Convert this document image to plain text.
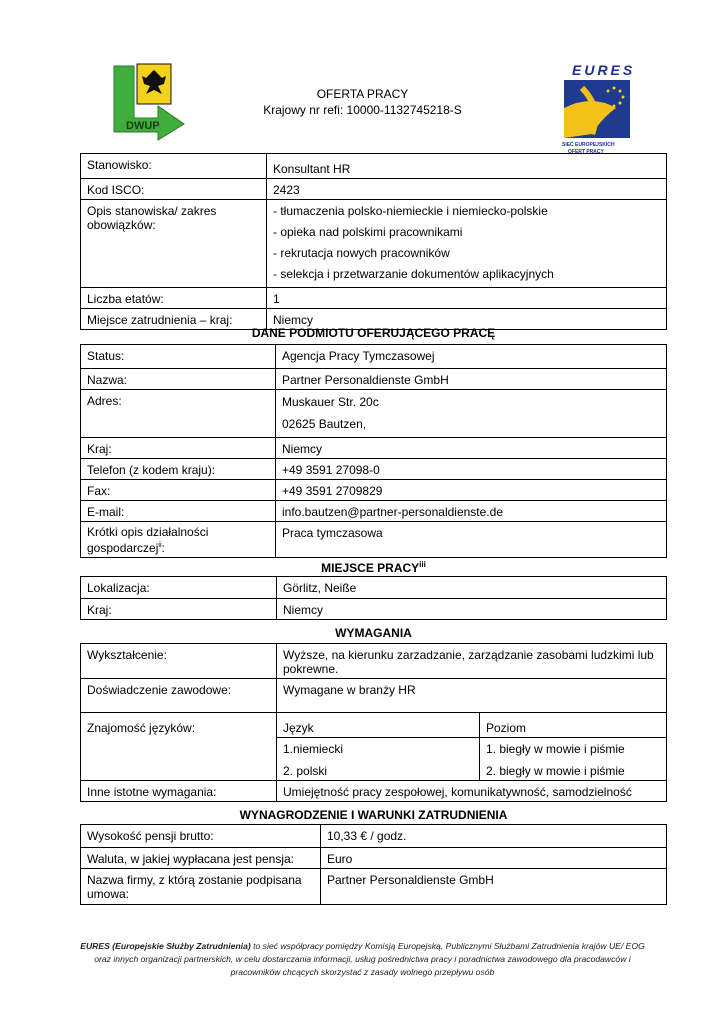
DWUP
EURES
SIEĆ EUROPEJSKICH
OFERT PRACY
OFERTA PRACY
Krajowy nr refi: 10000-1132745218-S
Stanowisko:	Konsultant HR
Kod ISCO:	2423
Opis stanowiska/ zakres obowiązków:	- tłumaczenia polsko-niemieckie i niemiecko-polskie
- opieka nad polskimi pracownikami
- rekrutacja nowych pracowników
- selekcja i przetwarzanie dokumentów aplikacyjnych

Liczba etatów:	1
Miejsce zatrudnienia – kraj:	Niemcy
DANE PODMIOTU OFERUJĄCEGO PRACĘ
Status:	Agencja Pracy Tymczasowej
Nazwa:	Partner Personaldienste GmbH
Adres:	Muskauer Str. 20c
02625 Bautzen,

Kraj:	Niemcy
Telefon (z kodem kraju):	+49 3591 27098-0
Fax:	+49 3591 2709829
E-mail:	info.bautzen@partner-personaldienste.de

Krótki opis działalności
gospodarczej$^{ii}$:	Praca tymczasowa
MIEJSCE PRACY$^{iii}$
Lokalizacja:	Görlitz, Neiße
Kraj:	Niemcy
WYMAGANIA
Wykształcenie:	Wyższe, na kierunku zarzadzanie, zarządzanie zasobami ludzkimi lub pokrewne.	
Doświadczenie zawodowe:	Wymagane w branży HR	
Znajomość języków:	Język	Poziom
	1.niemiecki	1. biegły w mowie i piśmie
	2. polski	2. biegły w mowie i piśmie
Inne istotne wymagania:	Umiejętność pracy zespołowej, komunikatywność, samodzielność	
WYNAGRODZENIE I WARUNKI ZATRUDNIENIA
Wysokość pensji brutto:	10,33 € / godz.
Waluta, w jakiej wypłacana jest pensja:	Euro
Nazwa firmy, z którą zostanie podpisana umowa:	Partner Personaldienste GmbH
EURES (Europejskie Służby Zatrudnienia) to sieć współpracy pomiędzy Komisją Europejską, Publicznymi Służbami Zatrudnienia krajów UE/ EOG
oraz innych organizacji partnerskich, w celu dostarczania informacji, usług pośrednictwa pracy i poradnictwa zawodowego dla pracodawców i
pracowników chcących skorzystać z zasady wolnego przepływu osób
